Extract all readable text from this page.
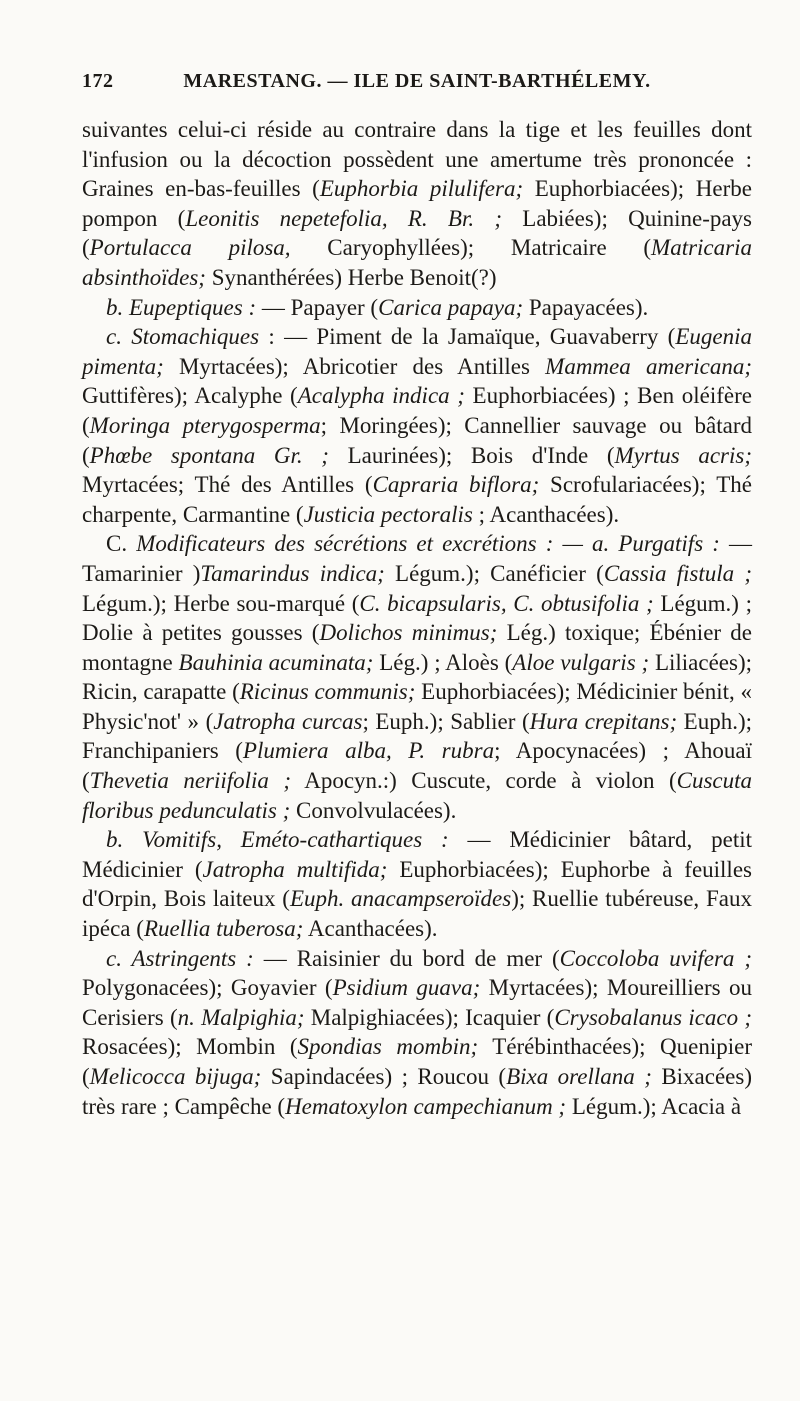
172	MARESTANG. — ILE DE SAINT-BARTHÉLEMY.

suivantes celui-ci réside au contraire dans la tige et les feuilles dont l'infusion ou la décoction possèdent une amertume très prononcée : Graines en-bas-feuilles (Euphorbia pilulifera; Euphorbiacées); Herbe pompon (Leonitis nepetefolia, R. Br. ; Labiées); Quinine-pays (Portulacca pilosa, Caryophyllées); Matricaire (Matricaria absinthoïdes; Synanthérées) Herbe Benoit(?)

b. Eupeptiques : — Papayer (Carica papaya; Papayacées).

c. Stomachiques : — Piment de la Jamaïque, Guavaberry (Eugenia pimenta; Myrtacées); Abricotier des Antilles Mammea americana; Guttifères); Acalyphe (Acalypha indica ; Euphorbiacées) ; Ben oléifère (Moringa pterygosperma; Moringées); Cannellier sauvage ou bâtard (Phœbe spontana Gr. ; Laurinées); Bois d'Inde (Myrtus acris; Myrtacées; Thé des Antilles (Capraria biflora; Scrofulariacées); Thé charpente, Carmantine (Justicia pectoralis ; Acanthacées).

C. Modificateurs des sécrétions et excrétions : — a. Purgatifs : — Tamarinier )Tamarindus indica; Légum.); Canéficier (Cassia fistula ; Légum.); Herbe sou-marqué (C. bicapsularis, C. obtusifolia ; Légum.) ; Dolie à petites gousses (Dolichos minimus; Lég.) toxique; Ébénier de montagne Bauhinia acuminata; Lég.) ; Aloès (Aloe vulgaris ; Liliacées); Ricin, carapatte (Ricinus communis; Euphorbiacées); Médicinier bénit, « Physic'not' » (Jatropha curcas; Euph.); Sablier (Hura crepitans; Euph.); Franchipaniers (Plumiera alba, P. rubra; Apocynacées) ; Ahouaï (Thevetia neriifolia ; Apocyn.:) Cuscute, corde à violon (Cuscuta floribus pedunculatis ; Convolvulacées).

b. Vomitifs, Eméto-cathartiques : — Médicinier bâtard, petit Médicinier (Jatropha multifida; Euphorbiacées); Euphorbe à feuilles d'Orpin, Bois laiteux (Euph. anacampseroïdes); Ruellie tubéreuse, Faux ipéca (Ruellia tuberosa; Acanthacées).

c. Astringents : — Raisinier du bord de mer (Coccoloba uvifera ; Polygonacées); Goyavier (Psidium guava; Myrtacées); Moureilliers ou Cerisiers (n. Malpighia; Malpighiacées); Icaquier (Crysobalanus icaco ; Rosacées); Mombin (Spondias mombin; Térébinthacées); Quenipier (Melicocca bijuga; Sapindacées) ; Roucou (Bixa orellana ; Bixacées) très rare ; Campêche (Hematoxylon campechianum ; Légum.); Acacia à
